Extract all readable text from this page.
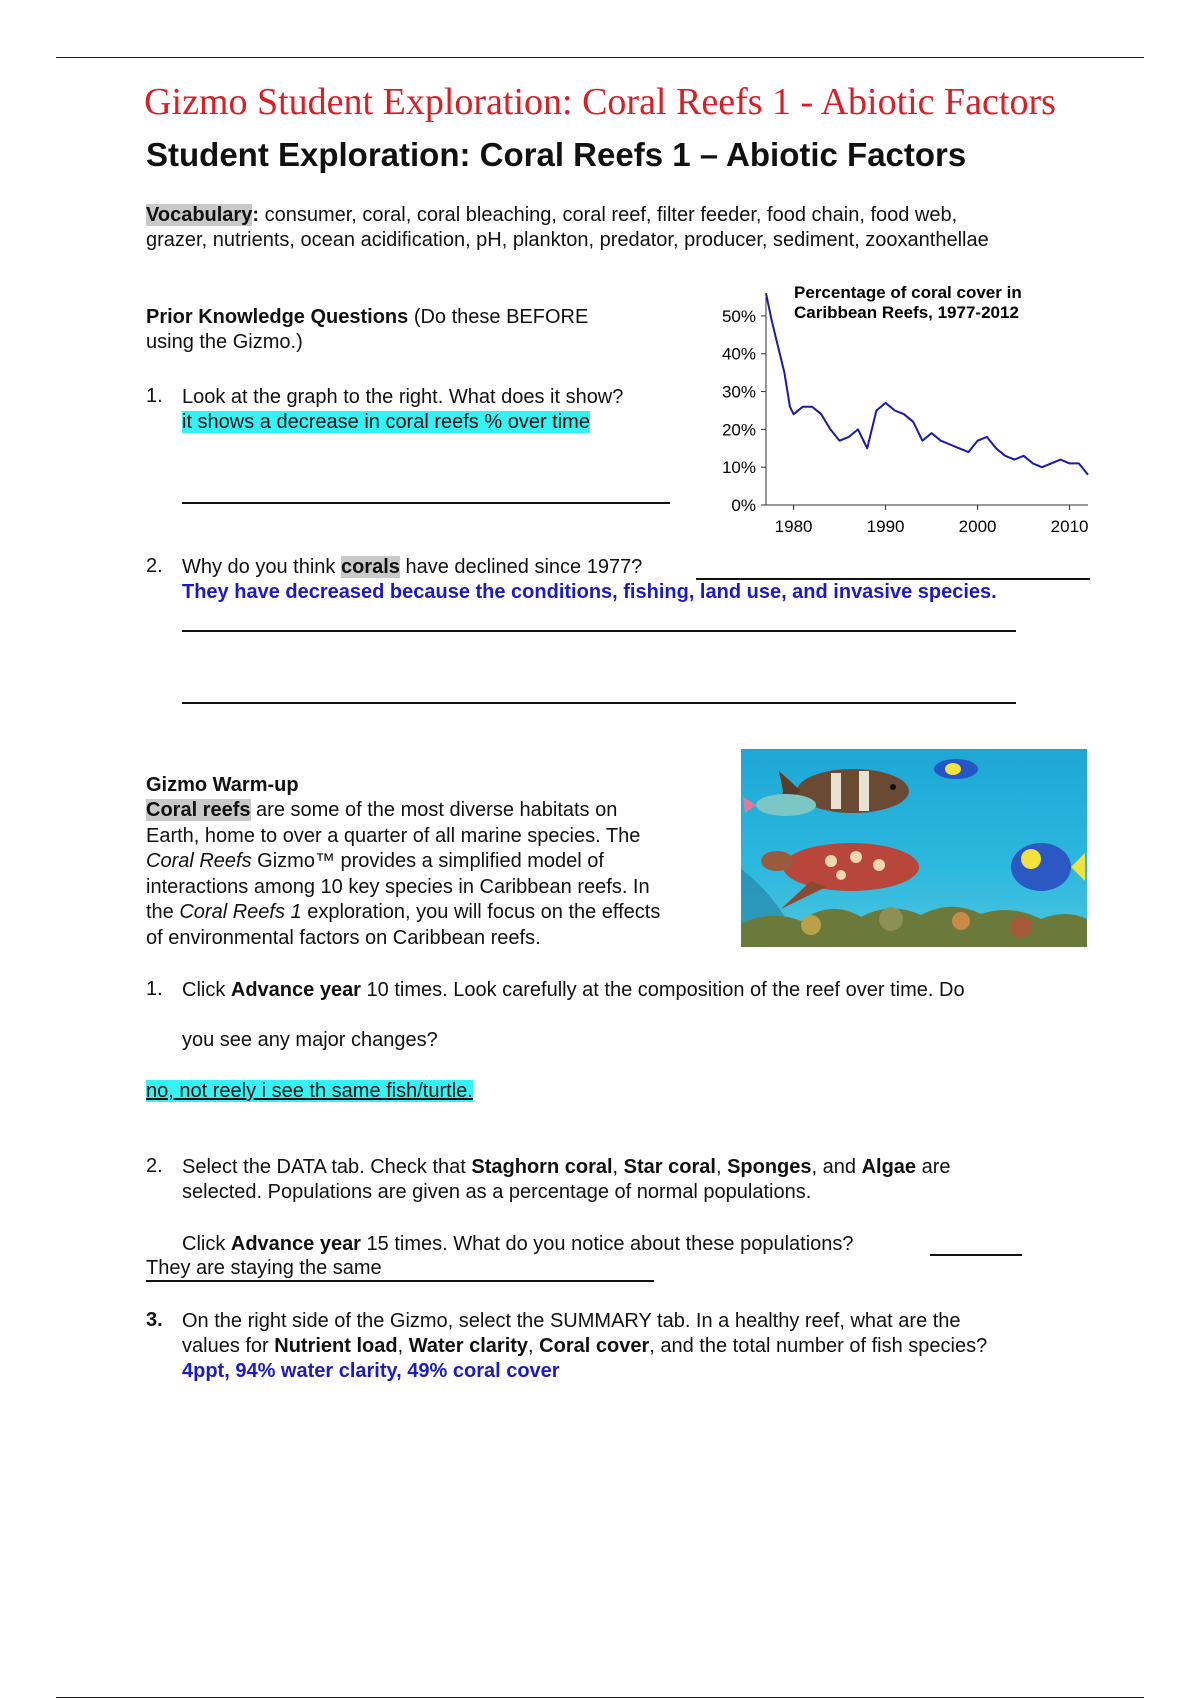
Gizmo Student Exploration: Coral Reefs 1 - Abiotic Factors
Student Exploration: Coral Reefs 1 – Abiotic Factors
Vocabulary: consumer, coral, coral bleaching, coral reef, filter feeder, food chain, food web,
grazer, nutrients, ocean acidification, pH, plankton, predator, producer, sediment, zooxanthellae
Prior Knowledge Questions (Do these BEFORE
using the Gizmo.)
1. Look at the graph to the right. What does it show?
it shows a decrease in coral reefs % over time
Percentage of coral cover in
Caribbean Reefs, 1977-2012
0%
10%
20%
30%
40%
50%
1980	1990	2000	2010
2. Why do you think corals have declined since 1977?
They have decreased because the conditions, fishing, land use, and invasive species.
Gizmo Warm-up
Coral reefs are some of the most diverse habitats on
Earth, home to over a quarter of all marine species. The
Coral Reefs Gizmo™ provides a simplified model of
interactions among 10 key species in Caribbean reefs. In
the Coral Reefs 1 exploration, you will focus on the effects
of environmental factors on Caribbean reefs.
1. Click Advance year 10 times. Look carefully at the composition of the reef over time. Do
you see any major changes?
no, not reely i see th same fish/turtle.
2. Select the DATA tab. Check that Staghorn coral, Star coral, Sponges, and Algae are
selected. Populations are given as a percentage of normal populations.
Click Advance year 15 times. What do you notice about these populations?
They are staying the same
3. On the right side of the Gizmo, select the SUMMARY tab. In a healthy reef, what are the
values for Nutrient load, Water clarity, Coral cover, and the total number of fish species?
4ppt, 94% water clarity, 49% coral cover
